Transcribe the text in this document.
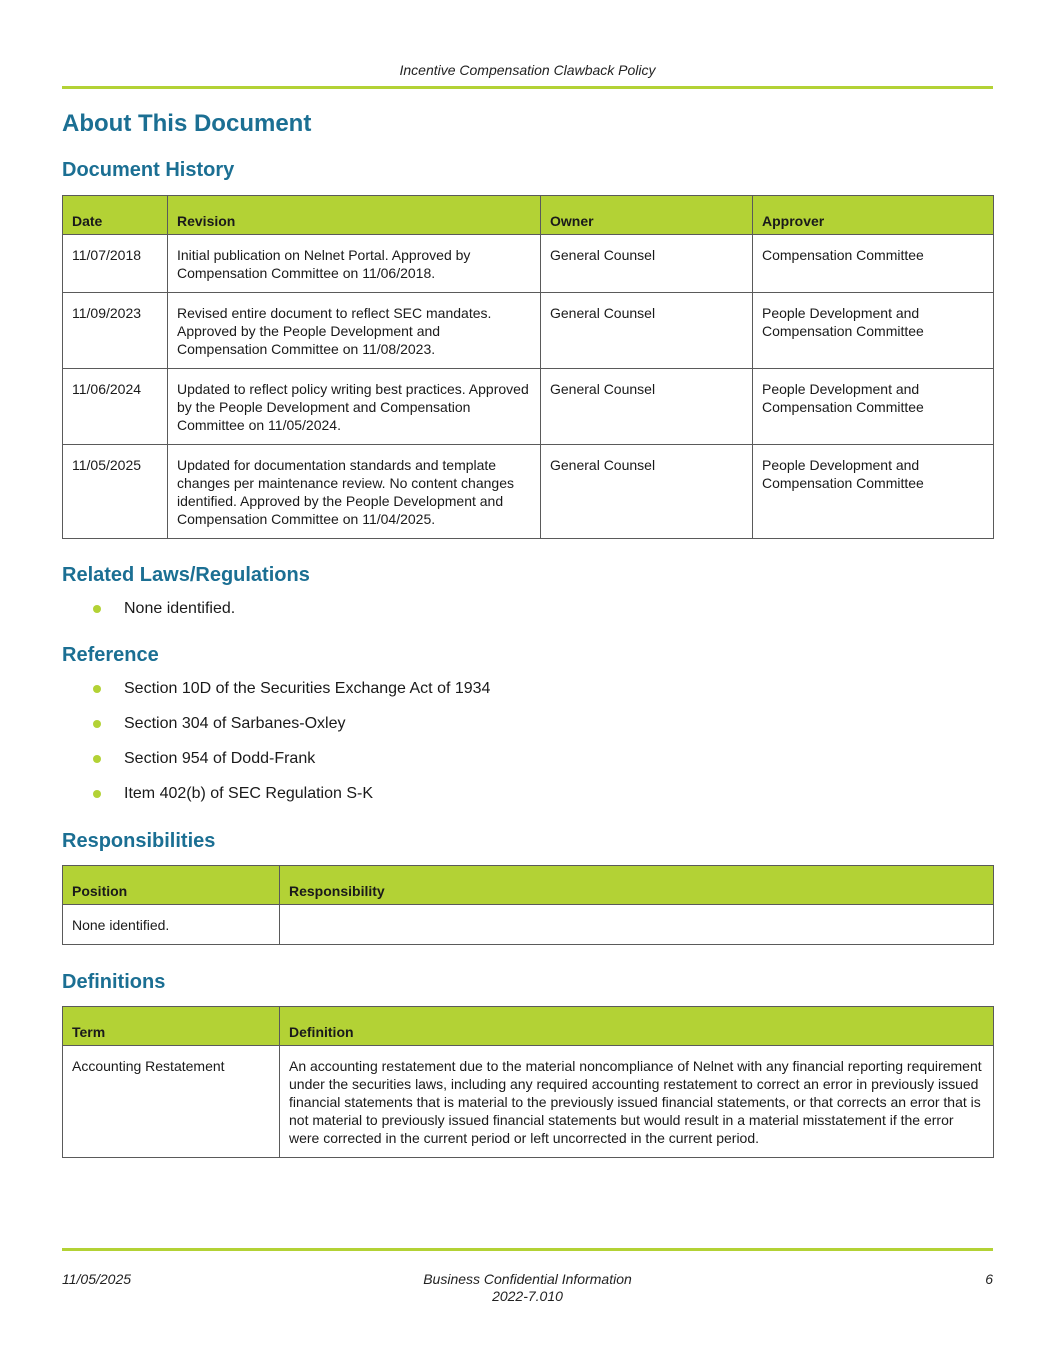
Incentive Compensation Clawback Policy
About This Document
Document History
Date	Revision	Owner	Approver
11/07/2018	Initial publication on Nelnet Portal. Approved by Compensation Committee on 11/06/2018.	General Counsel	Compensation Committee
11/09/2023	Revised entire document to reflect SEC mandates. Approved by the People Development and Compensation Committee on 11/08/2023.	General Counsel	People Development and Compensation Committee
11/06/2024	Updated to reflect policy writing best practices. Approved by the People Development and Compensation Committee on 11/05/2024.	General Counsel	People Development and Compensation Committee
11/05/2025	Updated for documentation standards and template changes per maintenance review. No content changes identified. Approved by the People Development and Compensation Committee on 11/04/2025.	General Counsel	People Development and Compensation Committee
Related Laws/Regulations
None identified.
Reference
Section 10D of the Securities Exchange Act of 1934
Section 304 of Sarbanes-Oxley
Section 954 of Dodd-Frank
Item 402(b) of SEC Regulation S-K
Responsibilities
Position	Responsibility
None identified.	
Definitions
Term	Definition
Accounting Restatement	An accounting restatement due to the material noncompliance of Nelnet with any financial reporting requirement under the securities laws, including any required accounting restatement to correct an error in previously issued financial statements that is material to the previously issued financial statements, or that corrects an error that is not material to previously issued financial statements but would result in a material misstatement if the error were corrected in the current period or left uncorrected in the current period.
11/05/2025	Business Confidential Information
2022-7.010
6
